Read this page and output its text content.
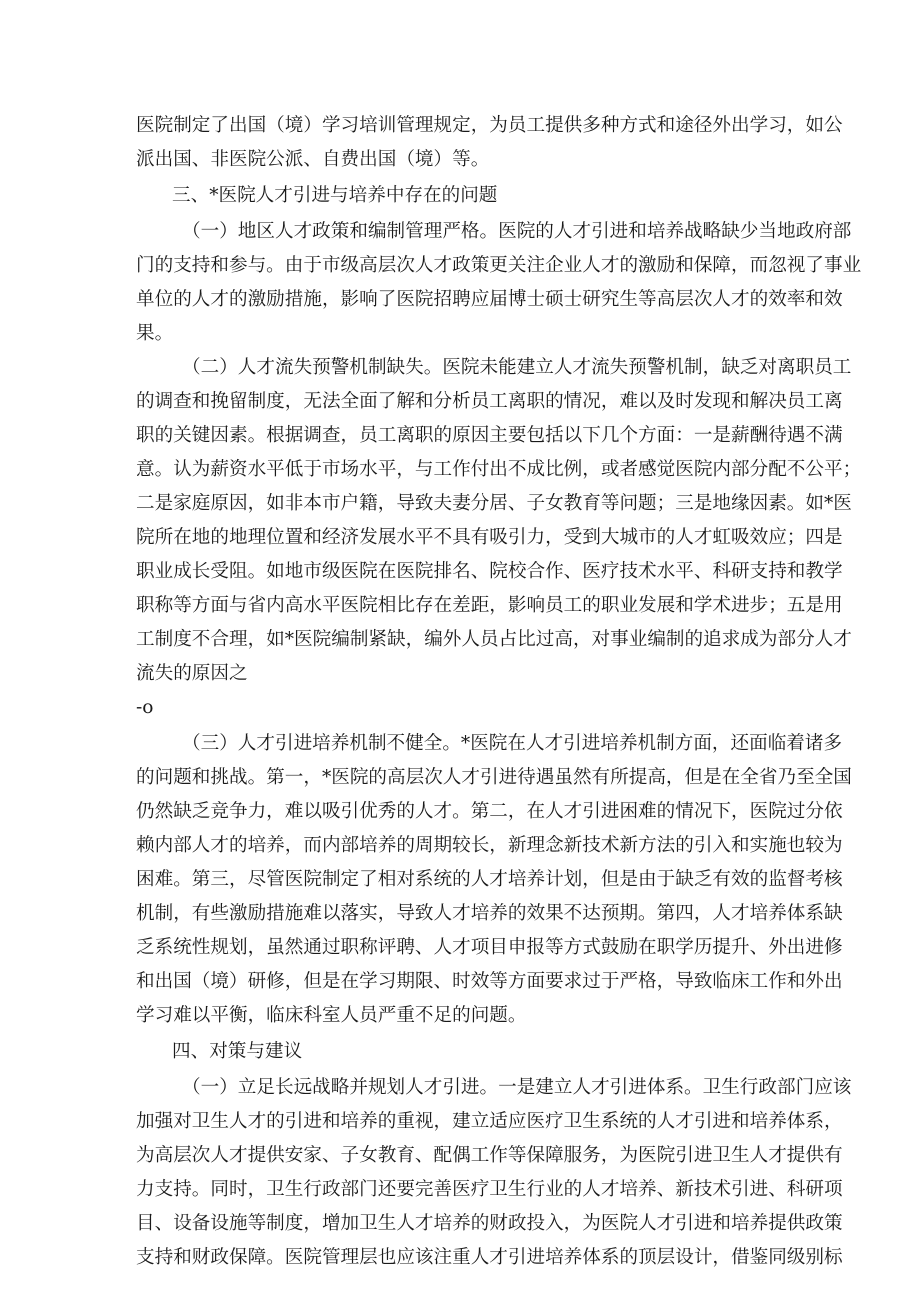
医院制定了出国（境）学习培训管理规定，为员工提供多种方式和途径外出学习，如公
派出国、非医院公派、自费出国（境）等。
三、*医院人才引进与培养中存在的问题
（一）地区人才政策和编制管理严格。医院的人才引进和培养战略缺少当地政府部
门的支持和参与。由于市级高层次人才政策更关注企业人才的激励和保障，而忽视了事业
单位的人才的激励措施，影响了医院招聘应届博士硕士研究生等高层次人才的效率和效
果。
（二）人才流失预警机制缺失。医院未能建立人才流失预警机制，缺乏对离职员工
的调查和挽留制度，无法全面了解和分析员工离职的情况，难以及时发现和解决员工离
职的关键因素。根据调查，员工离职的原因主要包括以下几个方面：一是薪酬待遇不满
意。认为薪资水平低于市场水平，与工作付出不成比例，或者感觉医院内部分配不公平；
二是家庭原因，如非本市户籍，导致夫妻分居、子女教育等问题；三是地缘因素。如*医
院所在地的地理位置和经济发展水平不具有吸引力，受到大城市的人才虹吸效应；四是
职业成长受阻。如地市级医院在医院排名、院校合作、医疗技术水平、科研支持和教学
职称等方面与省内高水平医院相比存在差距，影响员工的职业发展和学术进步；五是用
工制度不合理，如*医院编制紧缺，编外人员占比过高，对事业编制的追求成为部分人才
流失的原因之
-o
（三）人才引进培养机制不健全。*医院在人才引进培养机制方面，还面临着诸多
的问题和挑战。第一，*医院的高层次人才引进待遇虽然有所提高，但是在全省乃至全国
仍然缺乏竞争力，难以吸引优秀的人才。第二，在人才引进困难的情况下，医院过分依
赖内部人才的培养，而内部培养的周期较长，新理念新技术新方法的引入和实施也较为
困难。第三，尽管医院制定了相对系统的人才培养计划，但是由于缺乏有效的监督考核
机制，有些激励措施难以落实，导致人才培养的效果不达预期。第四，人才培养体系缺
乏系统性规划，虽然通过职称评聘、人才项目申报等方式鼓励在职学历提升、外出进修
和出国（境）研修，但是在学习期限、时效等方面要求过于严格，导致临床工作和外出
学习难以平衡，临床科室人员严重不足的问题。
四、对策与建议
（一）立足长远战略并规划人才引进。一是建立人才引进体系。卫生行政部门应该
加强对卫生人才的引进和培养的重视，建立适应医疗卫生系统的人才引进和培养体系，
为高层次人才提供安家、子女教育、配偶工作等保障服务，为医院引进卫生人才提供有
力支持。同时，卫生行政部门还要完善医疗卫生行业的人才培养、新技术引进、科研项
目、设备设施等制度，增加卫生人才培养的财政投入，为医院人才引进和培养提供政策
支持和财政保障。医院管理层也应该注重人才引进培养体系的顶层设计，借鉴同级别标
